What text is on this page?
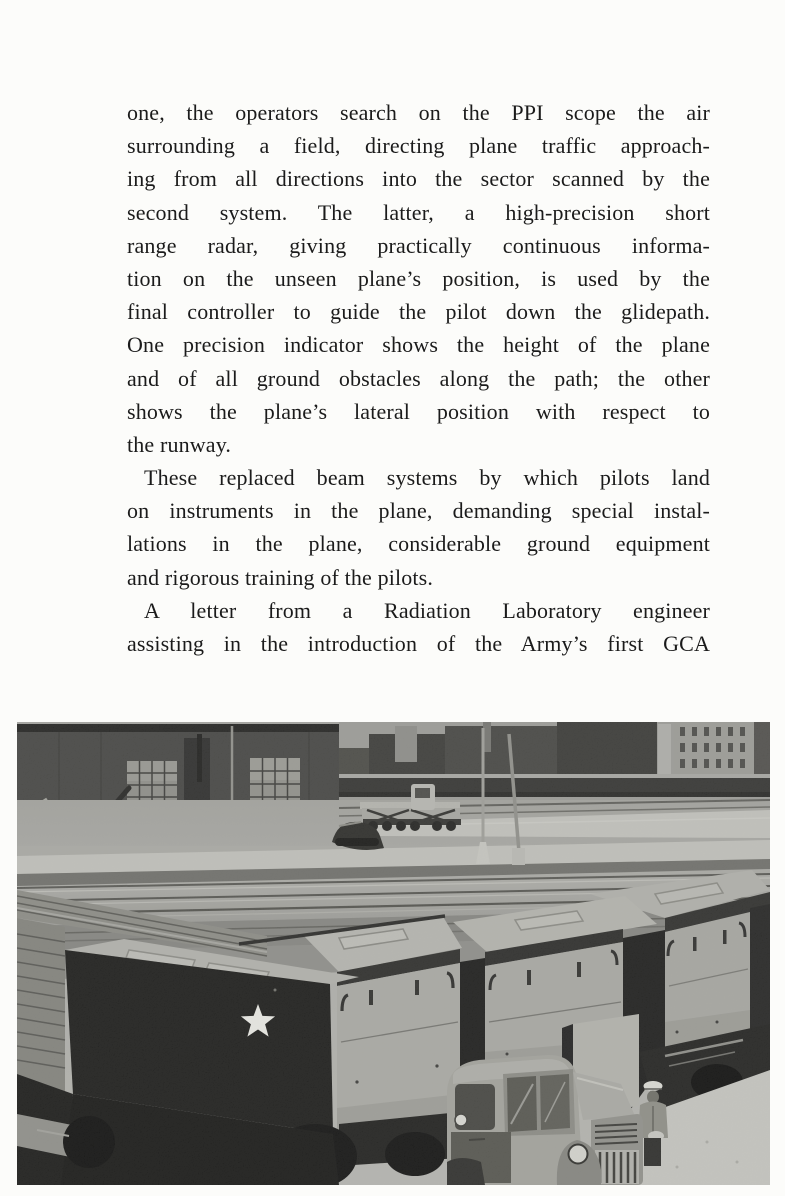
one, the operators search on the PPI scope the air
surrounding a field, directing plane traffic approach-
ing from all directions into the sector scanned by the
second system. The latter, a high-precision short
range radar, giving practically continuous informa-
tion on the unseen plane’s position, is used by the
final controller to guide the pilot down the glidepath.
One precision indicator shows the height of the plane
and of all ground obstacles along the path; the other
shows the plane’s lateral position with respect to
the runway.
These replaced beam systems by which pilots land
on instruments in the plane, demanding special instal-
lations in the plane, considerable ground equipment
and rigorous training of the pilots.
A letter from a Radiation Laboratory engineer
assisting in the introduction of the Army’s first GCA
